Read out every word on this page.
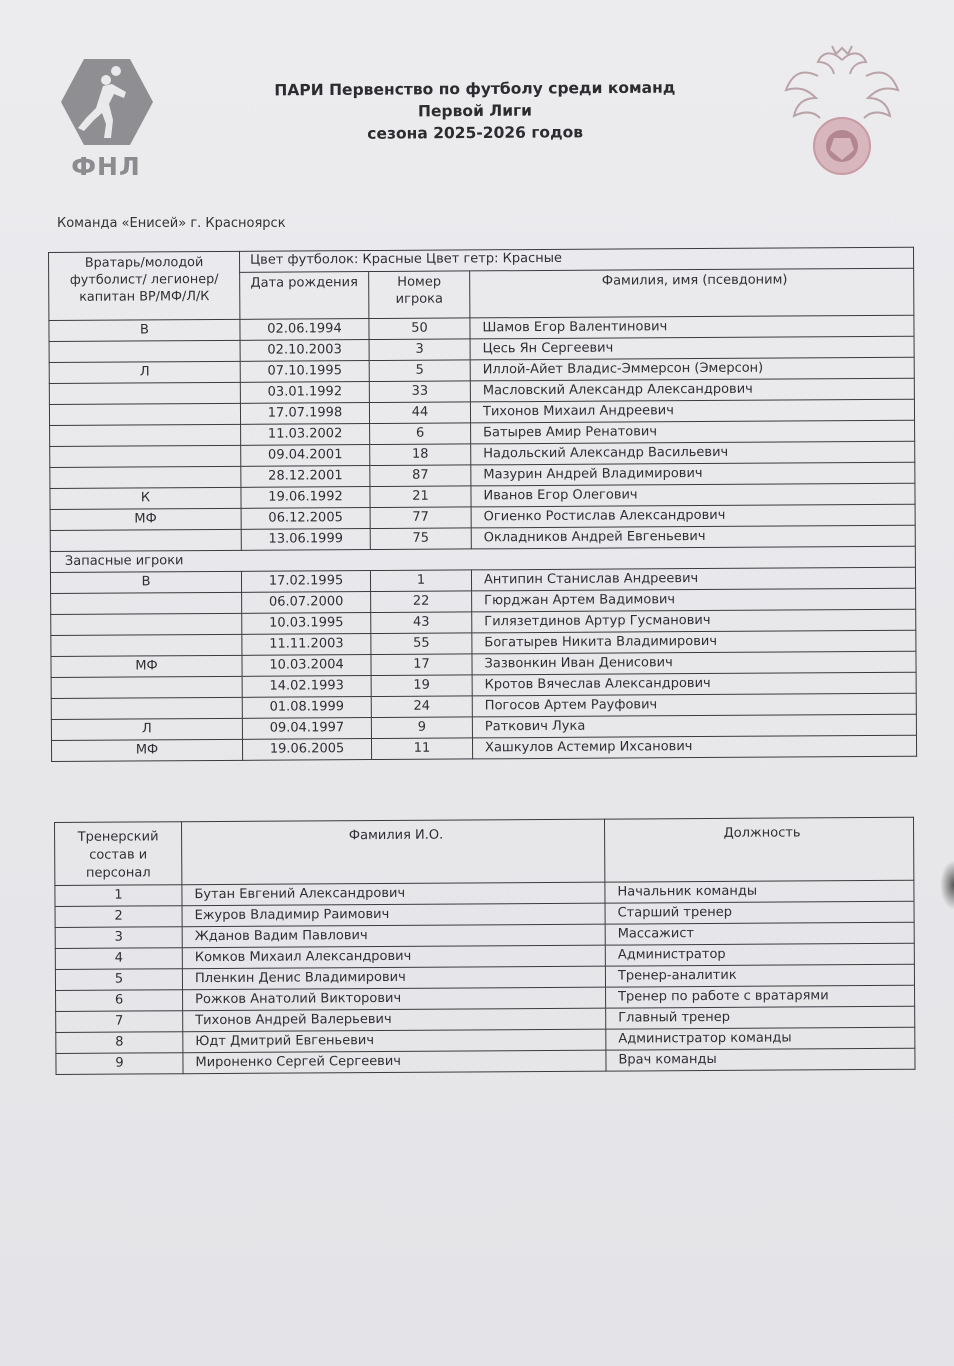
ФНЛ
ПАРИ Первенство по футболу среди команд
Первой Лиги
сезона 2025-2026 годов
Команда «Енисей» г. Красноярск
Вратарь/молодой футболист/ легионер/капитан ВР/МФ/Л/К	Цвет футболок: Красные Цвет гетр: Красные		
	Дата рождения	Номер игрока	Фамилия, имя (псевдоним)
В	02.06.1994	50	Шамов Егор Валентинович
	02.10.2003	3	Цесь Ян Сергеевич
Л	07.10.1995	5	Иллой-Айет Владис-Эммерсон (Эмерсон)
	03.01.1992	33	Масловский Александр Александрович
	17.07.1998	44	Тихонов Михаил Андреевич
	11.03.2002	6	Батырев Амир Ренатович
	09.04.2001	18	Надольский Александр Васильевич
	28.12.2001	87	Мазурин Андрей Владимирович
К	19.06.1992	21	Иванов Егор Олегович
МФ	06.12.2005	77	Огиенко Ростислав Александрович
	13.06.1999	75	Окладников Андрей Евгеньевич
Запасные игроки			
В	17.02.1995	1	Антипин Станислав Андреевич
	06.07.2000	22	Гюрджан Артем Вадимович
	10.03.1995	43	Гилязетдинов Артур Гусманович
	11.11.2003	55	Богатырев Никита Владимирович
МФ	10.03.2004	17	Зазвонкин Иван Денисович
	14.02.1993	19	Кротов Вячеслав Александрович
	01.08.1999	24	Погосов Артем Рауфович
Л	09.04.1997	9	Раткович Лука
МФ	19.06.2005	11	Хашкулов Астемир Ихсанович
Тренерский состав и персонал	Фамилия И.О.	Должность
1	Бутан Евгений Александрович	Начальник команды
2	Ежуров Владимир Раимович	Старший тренер
3	Жданов Вадим Павлович	Массажист
4	Комков Михаил Александрович	Администратор
5	Пленкин Денис Владимирович	Тренер-аналитик
6	Рожков Анатолий Викторович	Тренер по работе с вратарями
7	Тихонов Андрей Валерьевич	Главный тренер
8	Юдт Дмитрий Евгеньевич	Администратор команды
9	Мироненко Сергей Сергеевич	Врач команды
